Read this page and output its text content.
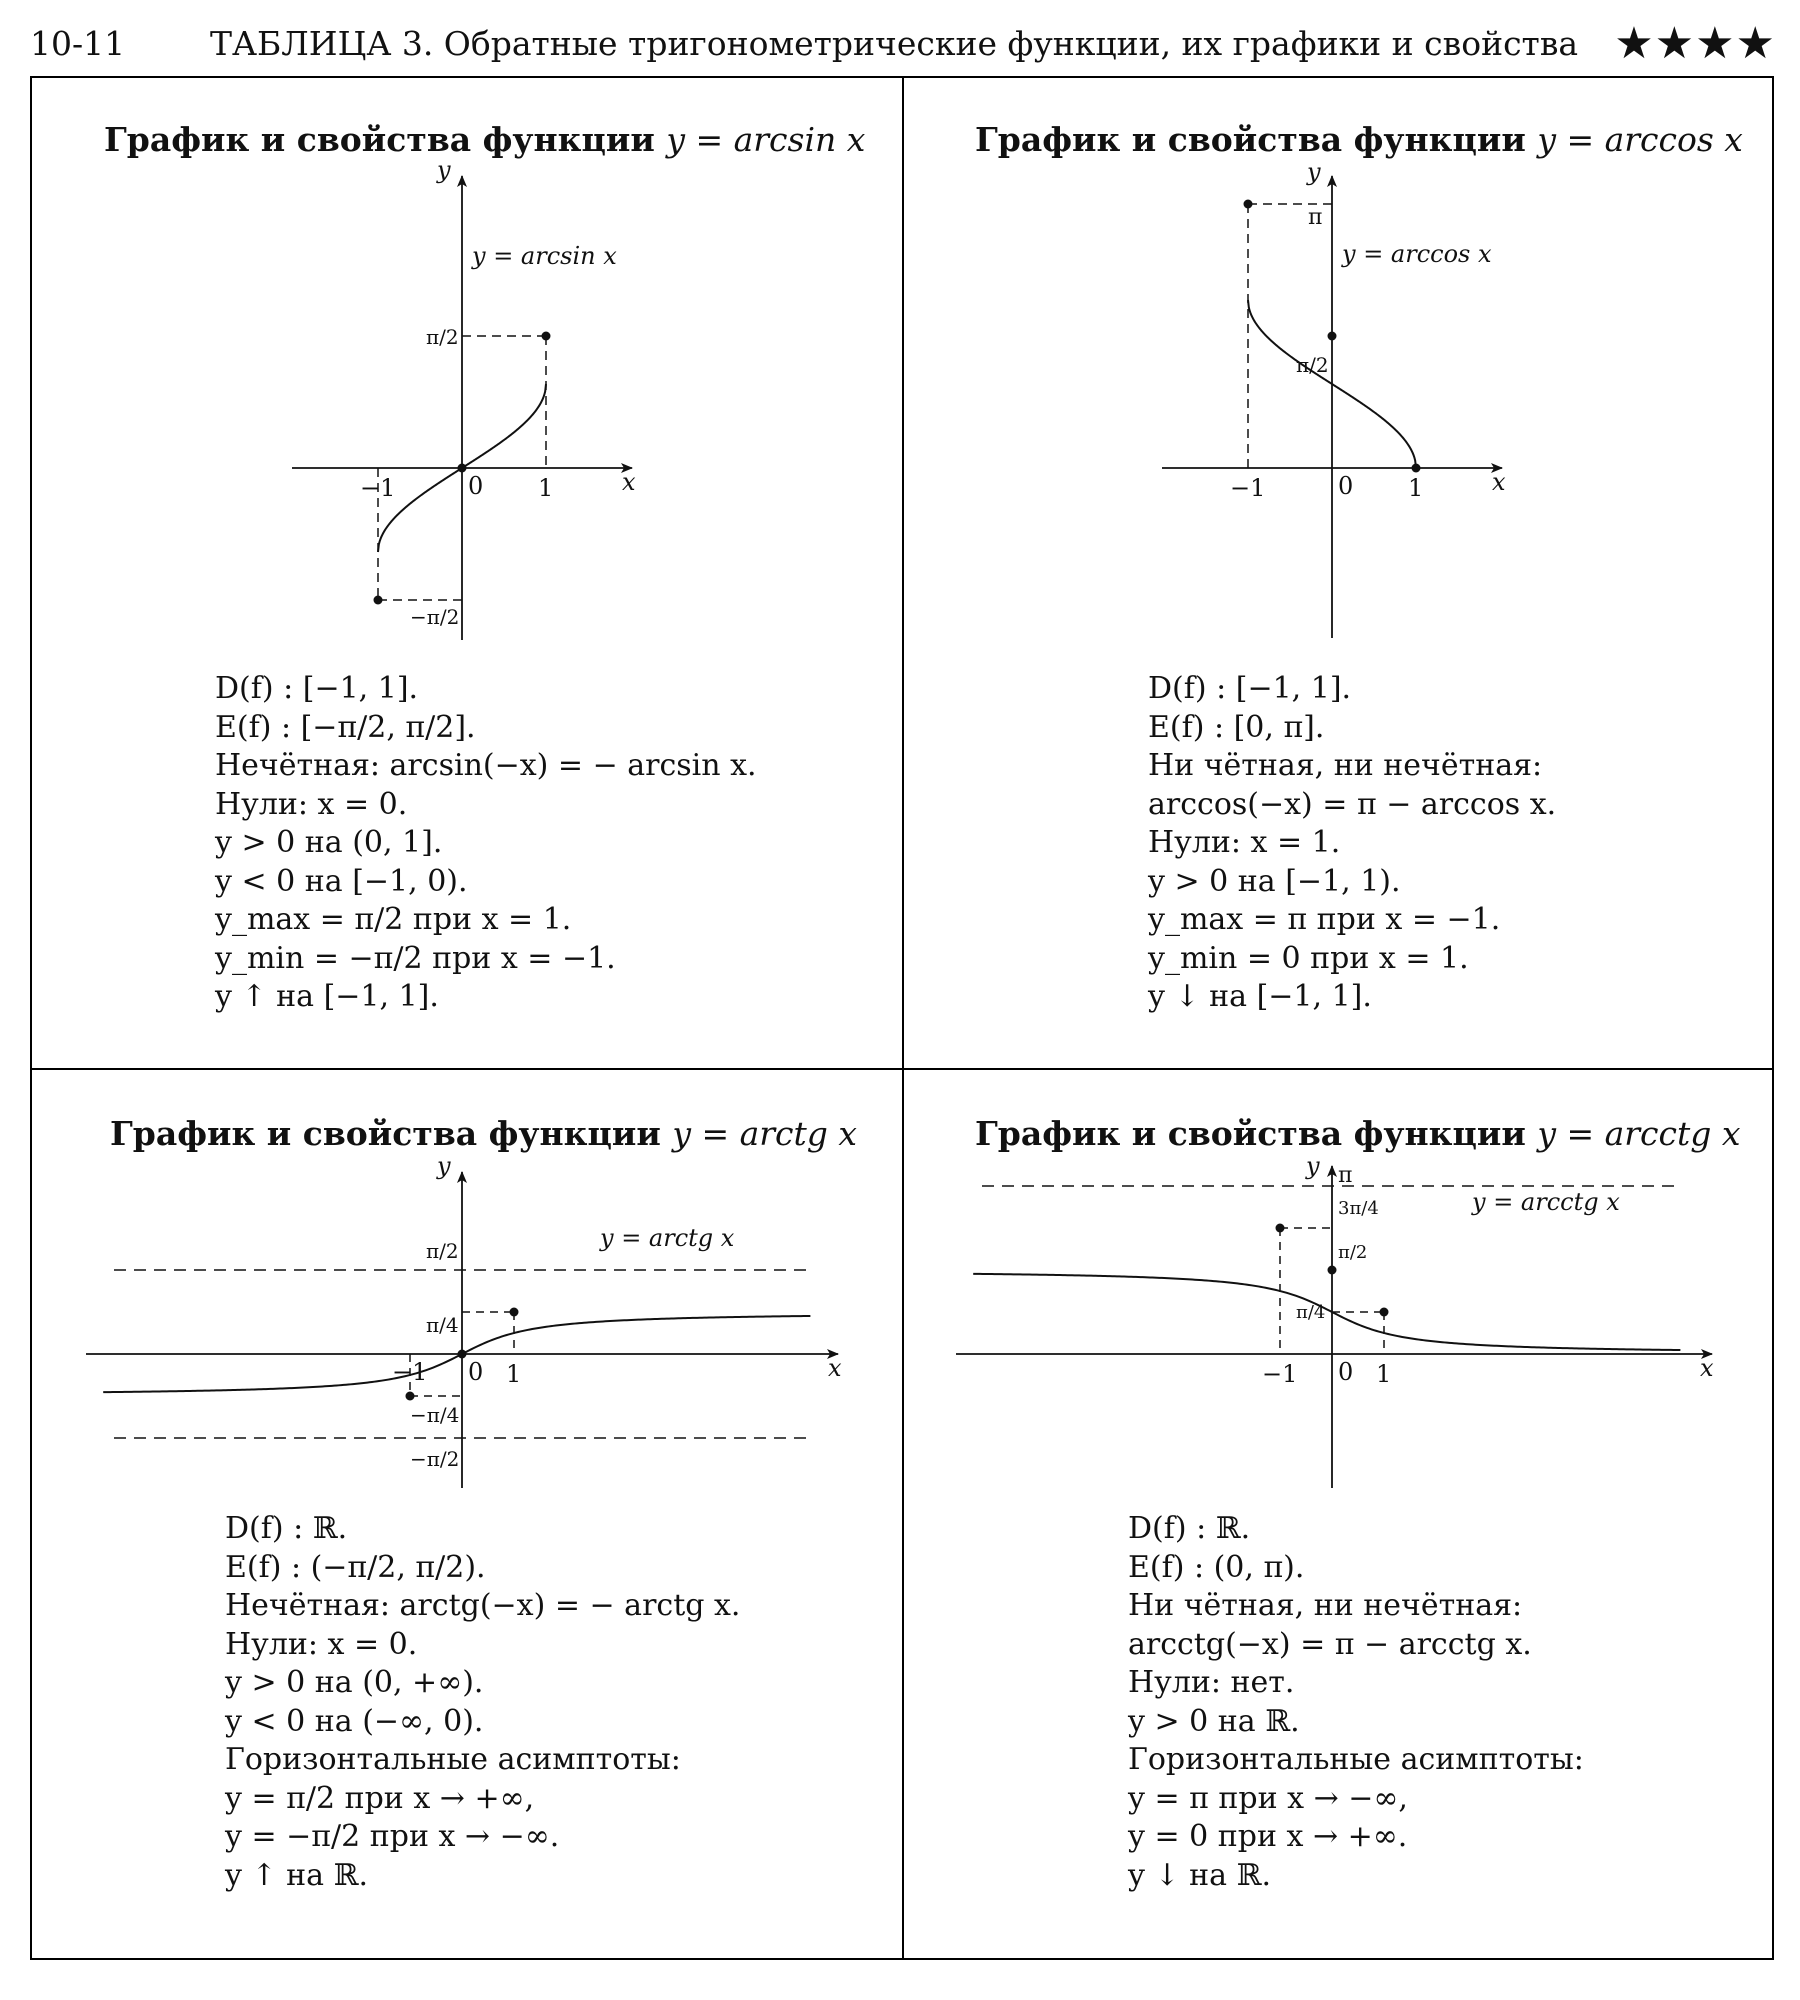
10-11	ТАБЛИЦА 3. Обратные тригонометрические функции, их графики и свойства ★★★★
График и свойства функции y = arcsin x	График и свойства функции y = arccos x
График и свойства функции y = arctg x	График и свойства функции y = arcctg x
D(f) : [−1, 1].
E(f) : [−π/2, π/2].
Нечётная: arcsin(−x) = − arcsin x.
Нули: x = 0.
y > 0 на (0, 1].
y < 0 на [−1, 0).
y_max = π/2 при x = 1.
y_min = −π/2 при x = −1.
y ↑ на [−1, 1].
D(f) : [−1, 1].
E(f) : [0, π].
Ни чётная, ни нечётная:
arccos(−x) = π − arccos x.
Нули: x = 1.
y > 0 на [−1, 1).
y_max = π при x = −1.
y_min = 0 при x = 1.
y ↓ на [−1, 1].
D(f) : ℝ.
E(f) : (−π/2, π/2).
Нечётная: arctg(−x) = − arctg x.
Нули: x = 0.
y > 0 на (0, +∞).
y < 0 на (−∞, 0).
Горизонтальные асимптоты:
y = π/2 при x → +∞,
y = −π/2 при x → −∞.
y ↑ на ℝ.
D(f) : ℝ.
E(f) : (0, π).
Ни чётная, ни нечётная:
arcctg(−x) = π − arcctg x.
Нули: нет.
y > 0 на ℝ.
Горизонтальные асимптоты:
y = π при x → −∞,
y = 0 при x → +∞.
y ↓ на ℝ.
y = arcsin x
y
x
0
−1	1
π/2
−π/2
y = arccos x
y
x
0
−1	1
π
π/2
y = arctg x
y
x
0
−1	1
π/2
π/4
−π/4
−π/2
y = arcctg x
y
x
0
−1	1
π
3π/4
π/2
π/4
